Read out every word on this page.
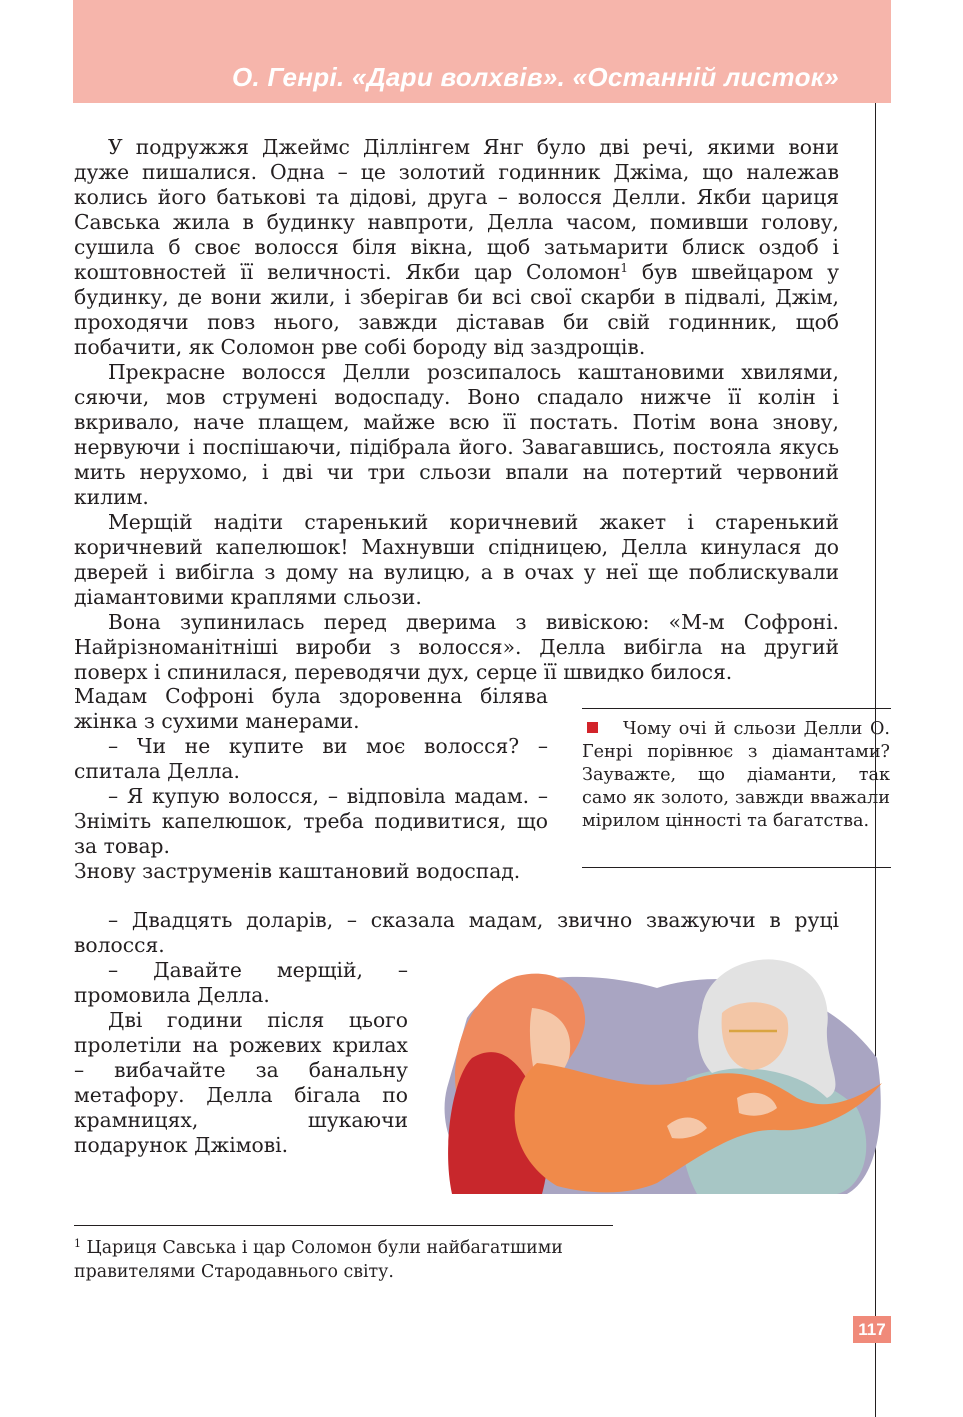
О. Генрі. «Дари волхвів». «Останній листок»

У подружжя Джеймс Діллінгем Янг було дві речі, якими вони дуже пишалися. Одна – це золотий годинник Джіма, що належав колись його батькові та дідові, друга – волосся Делли. Якби цариця Савська жила в будинку навпроти, Делла часом, помивши голову, сушила б своє волосся біля вікна, щоб затьмарити блиск оздоб і коштовностей її величності. Якби цар Соломон$^1$ був швейцаром у будинку, де вони жили, і зберігав би всі свої скарби в підвалі, Джім, проходячи повз нього, завжди діставав би свій годинник, щоб побачити, як Соломон рве собі бороду від заздрощів.

Прекрасне волосся Делли розсипалось каштановими хвилями, сяючи, мов струмені водоспаду. Воно спадало нижче її колін і вкривало, наче плащем, майже всю її постать. Потім вона знову, нервуючи і поспішаючи, підібрала його. Завагавшись, постояла якусь мить нерухомо, і дві чи три сльози впали на потертий червоний килим.

Мерщій надіти старенький коричневий жакет і старенький коричневий капелюшок! Махнувши спідницею, Делла кинулася до дверей і вибігла з дому на вулицю, а в очах у неї ще поблискували діамантовими краплями сльози.

Вона зупинилась перед дверима з вивіскою: «М-м Софроні. Найрізноманітніші вироби з волосся». Делла вибігла на другий поверх і спинилася, переводячи дух, серце її швидко билося.

Мадам Софроні була здоровенна білява жінка з сухими манерами.

– Чи не купите ви моє волосся? – спитала Делла.

– Я купую волосся, – відповіла мадам. – Зніміть капелюшок, треба подивитися, що за товар.

Знову заструменів каштановий водоспад.

Чому очі й сльози Делли О. Генрі порівнює з діамантами? Зауважте, що діаманти, так само як золото, завжди вважали мірилом цінності та багатства.

– Двадцять доларів, – сказала мадам, звично зважуючи в руці волосся.

– Давайте мерщій, – промовила Делла.

Дві години після цього пролетіли на рожевих крилах – вибачайте за банальну метафору. Делла бігала по крамницях, шукаючи подарунок Джімові.

$^1$ Цариця Савська і цар Соломон були найбагатшими правителями Стародавнього світу.

117
